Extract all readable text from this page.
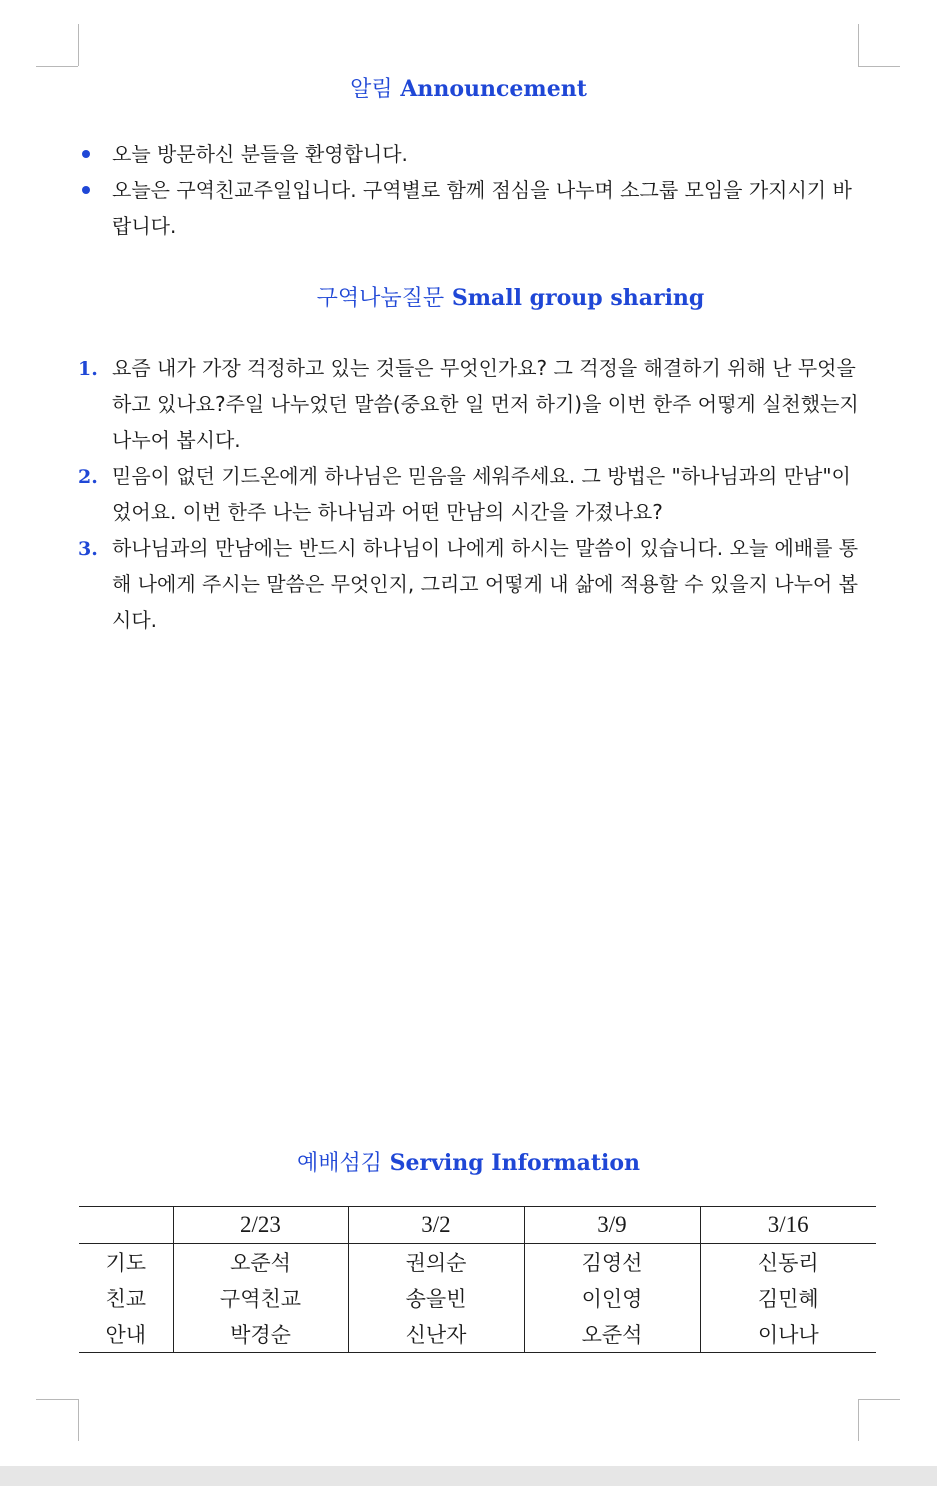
알림 Announcement
오늘 방문하신 분들을 환영합니다.
오늘은 구역친교주일입니다. 구역별로 함께 점심을 나누며 소그룹 모임을 가지시기 바랍니다.
구역나눔질문 Small group sharing
1. 요즘 내가 가장 걱정하고 있는 것들은 무엇인가요? 그 걱정을 해결하기 위해 난 무엇을 하고 있나요?주일 나누었던 말씀(중요한 일 먼저 하기)을 이번 한주 어떻게 실천했는지 나누어 봅시다.
2. 믿음이 없던 기드온에게 하나님은 믿음을 세워주세요. 그 방법은 "하나님과의 만남"이었어요. 이번 한주 나는 하나님과 어떤 만남의 시간을 가졌나요?
3. 하나님과의 만남에는 반드시 하나님이 나에게 하시는 말씀이 있습니다. 오늘 에배를 통해 나에게 주시는 말씀은 무엇인지, 그리고 어떻게 내 삶에 적용할 수 있을지 나누어 봅시다.
예배섬김 Serving Information
	2/23	3/2	3/9	3/16
기도	오준석	권의순	김영선	신동리
친교	구역친교	송을빈	이인영	김민혜
안내	박경순	신난자	오준석	이나나
